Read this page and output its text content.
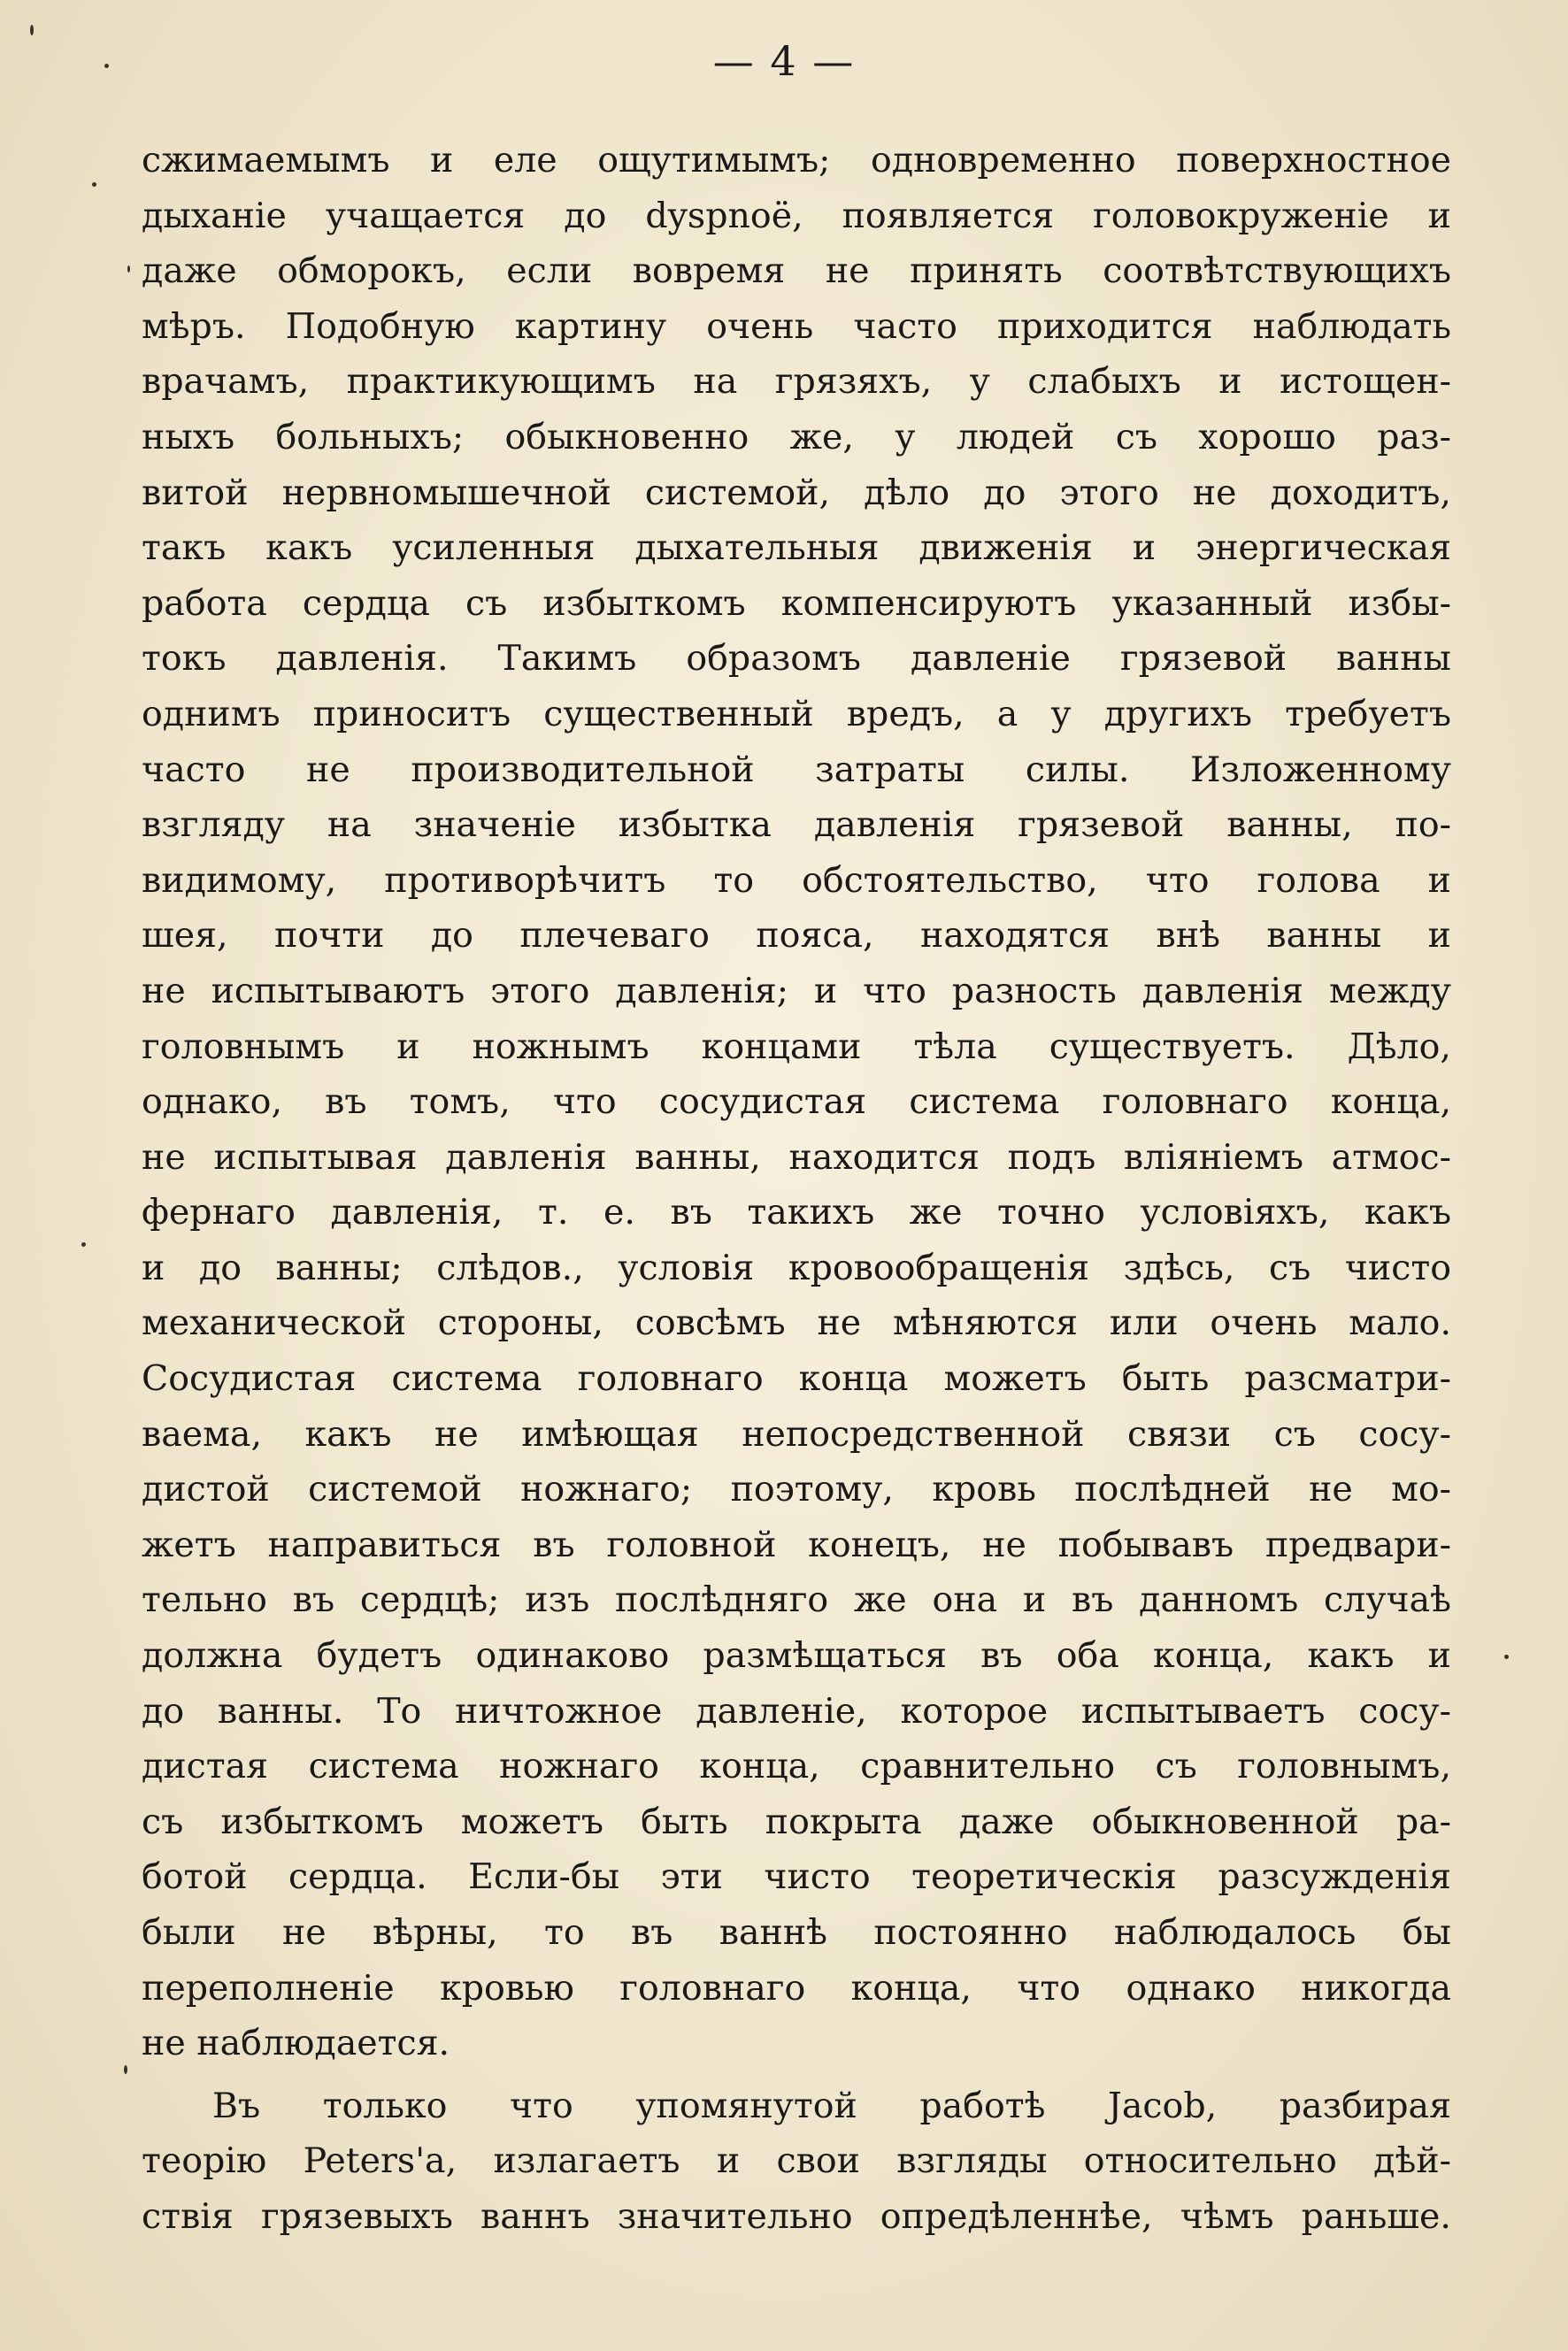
— 4 —
сжимаемымъ и еле ощутимымъ; одновременно поверхностное
дыханіе учащается до dyspnoë, появляется головокруженіе и
даже обморокъ, если вовремя не принять соотвѣтствующихъ
мѣръ. Подобную картину очень часто приходится наблюдать
врачамъ, практикующимъ на грязяхъ, у слабыхъ и истощен-
ныхъ больныхъ; обыкновенно же, у людей съ хорошо раз-
витой нервномышечной системой, дѣло до этого не доходитъ,
такъ какъ усиленныя дыхательныя движенія и энергическая
работа сердца съ избыткомъ компенсируютъ указанный избы-
токъ давленія. Такимъ образомъ давленіе грязевой ванны
однимъ приноситъ существенный вредъ, а у другихъ требуетъ
часто не производительной затраты силы. Изложенному
взгляду на значеніе избытка давленія грязевой ванны, по-
видимому, противорѣчитъ то обстоятельство, что голова и
шея, почти до плечеваго пояса, находятся внѣ ванны и
не испытываютъ этого давленія; и что разность давленія между
головнымъ и ножнымъ концами тѣла существуетъ. Дѣло,
однако, въ томъ, что сосудистая система головнаго конца,
не испытывая давленія ванны, находится подъ вліяніемъ атмос-
фернаго давленія, т. е. въ такихъ же точно условіяхъ, какъ
и до ванны; слѣдов., условія кровообращенія здѣсь, съ чисто
механической стороны, совсѣмъ не мѣняются или очень мало.
Сосудистая система головнаго конца можетъ быть разсматри-
ваема, какъ не имѣющая непосредственной связи съ сосу-
дистой системой ножнаго; поэтому, кровь послѣдней не мо-
жетъ направиться въ головной конецъ, не побывавъ предвари-
тельно въ сердцѣ; изъ послѣдняго же она и въ данномъ случаѣ
должна будетъ одинаково размѣщаться въ оба конца, какъ и
до ванны. То ничтожное давленіе, которое испытываетъ сосу-
дистая система ножнаго конца, сравнительно съ головнымъ,
съ избыткомъ можетъ быть покрыта даже обыкновенной ра-
ботой сердца. Если-бы эти чисто теоретическія разсужденія
были не вѣрны, то въ ваннѣ постоянно наблюдалось бы
переполненіе кровью головнаго конца, что однако никогда
не наблюдается.
Въ только что упомянутой работѣ Jacob, разбирая
теорію Peters'а, излагаетъ и свои взгляды относительно дѣй-
ствія грязевыхъ ваннъ значительно опредѣленнѣе, чѣмъ раньше.
